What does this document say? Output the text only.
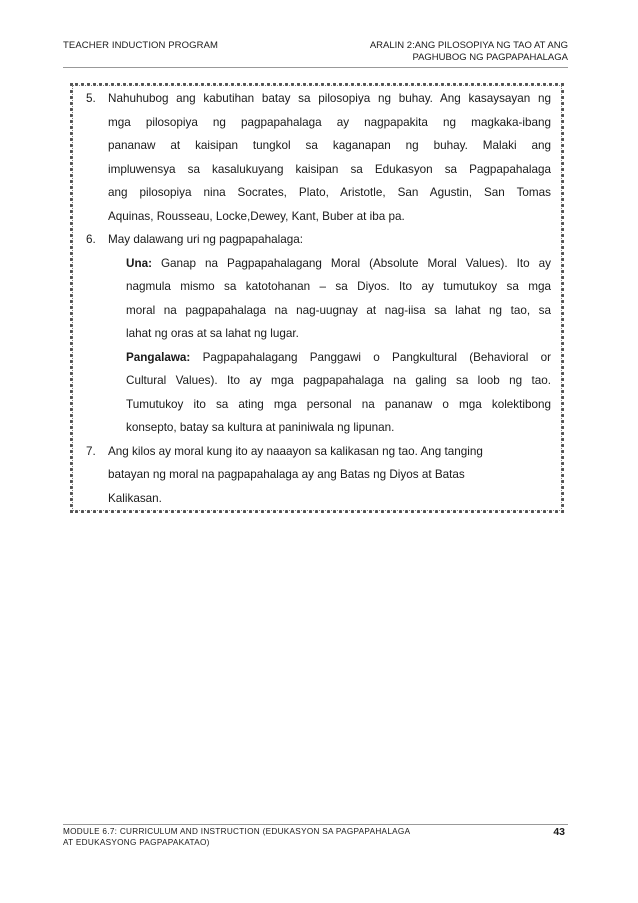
TEACHER INDUCTION PROGRAM	ARALIN 2:ANG PILOSOPIYA NG TAO AT ANG
PAGHUBOG NG PAGPAPAHALAGA
5. Nahuhubog ang kabutihan batay sa pilosopiya ng buhay. Ang kasaysayan ng
mga pilosopiya ng pagpapahalaga ay nagpapakita ng magkaka-ibang
pananaw at kaisipan tungkol sa kaganapan ng buhay. Malaki ang
impluwensya sa kasalukuyang kaisipan sa Edukasyon sa Pagpapahalaga
ang pilosopiya nina Socrates, Plato, Aristotle, San Agustin, San Tomas
Aquinas, Rousseau, Locke,Dewey, Kant, Buber at iba pa.
6. May dalawang uri ng pagpapahalaga:
Una: Ganap na Pagpapahalagang Moral (Absolute Moral Values). Ito ay
nagmula mismo sa katotohanan – sa Diyos. Ito ay tumutukoy sa mga
moral na pagpapahalaga na nag-uugnay at nag-iisa sa lahat ng tao, sa
lahat ng oras at sa lahat ng lugar.
Pangalawa: Pagpapahalagang Panggawi o Pangkultural (Behavioral or
Cultural Values). Ito ay mga pagpapahalaga na galing sa loob ng tao.
Tumutukoy ito sa ating mga personal na pananaw o mga kolektibong
konsepto, batay sa kultura at paniniwala ng lipunan.
7. Ang kilos ay moral kung ito ay naaayon sa kalikasan ng tao. Ang tanging
batayan ng moral na pagpapahalaga ay ang Batas ng Diyos at Batas
Kalikasan.
MODULE 6.7: CURRICULUM AND INSTRUCTION (EDUKASYON SA PAGPAPAHALAGA
AT EDUKASYONG PAGPAPAKATAO)
43
